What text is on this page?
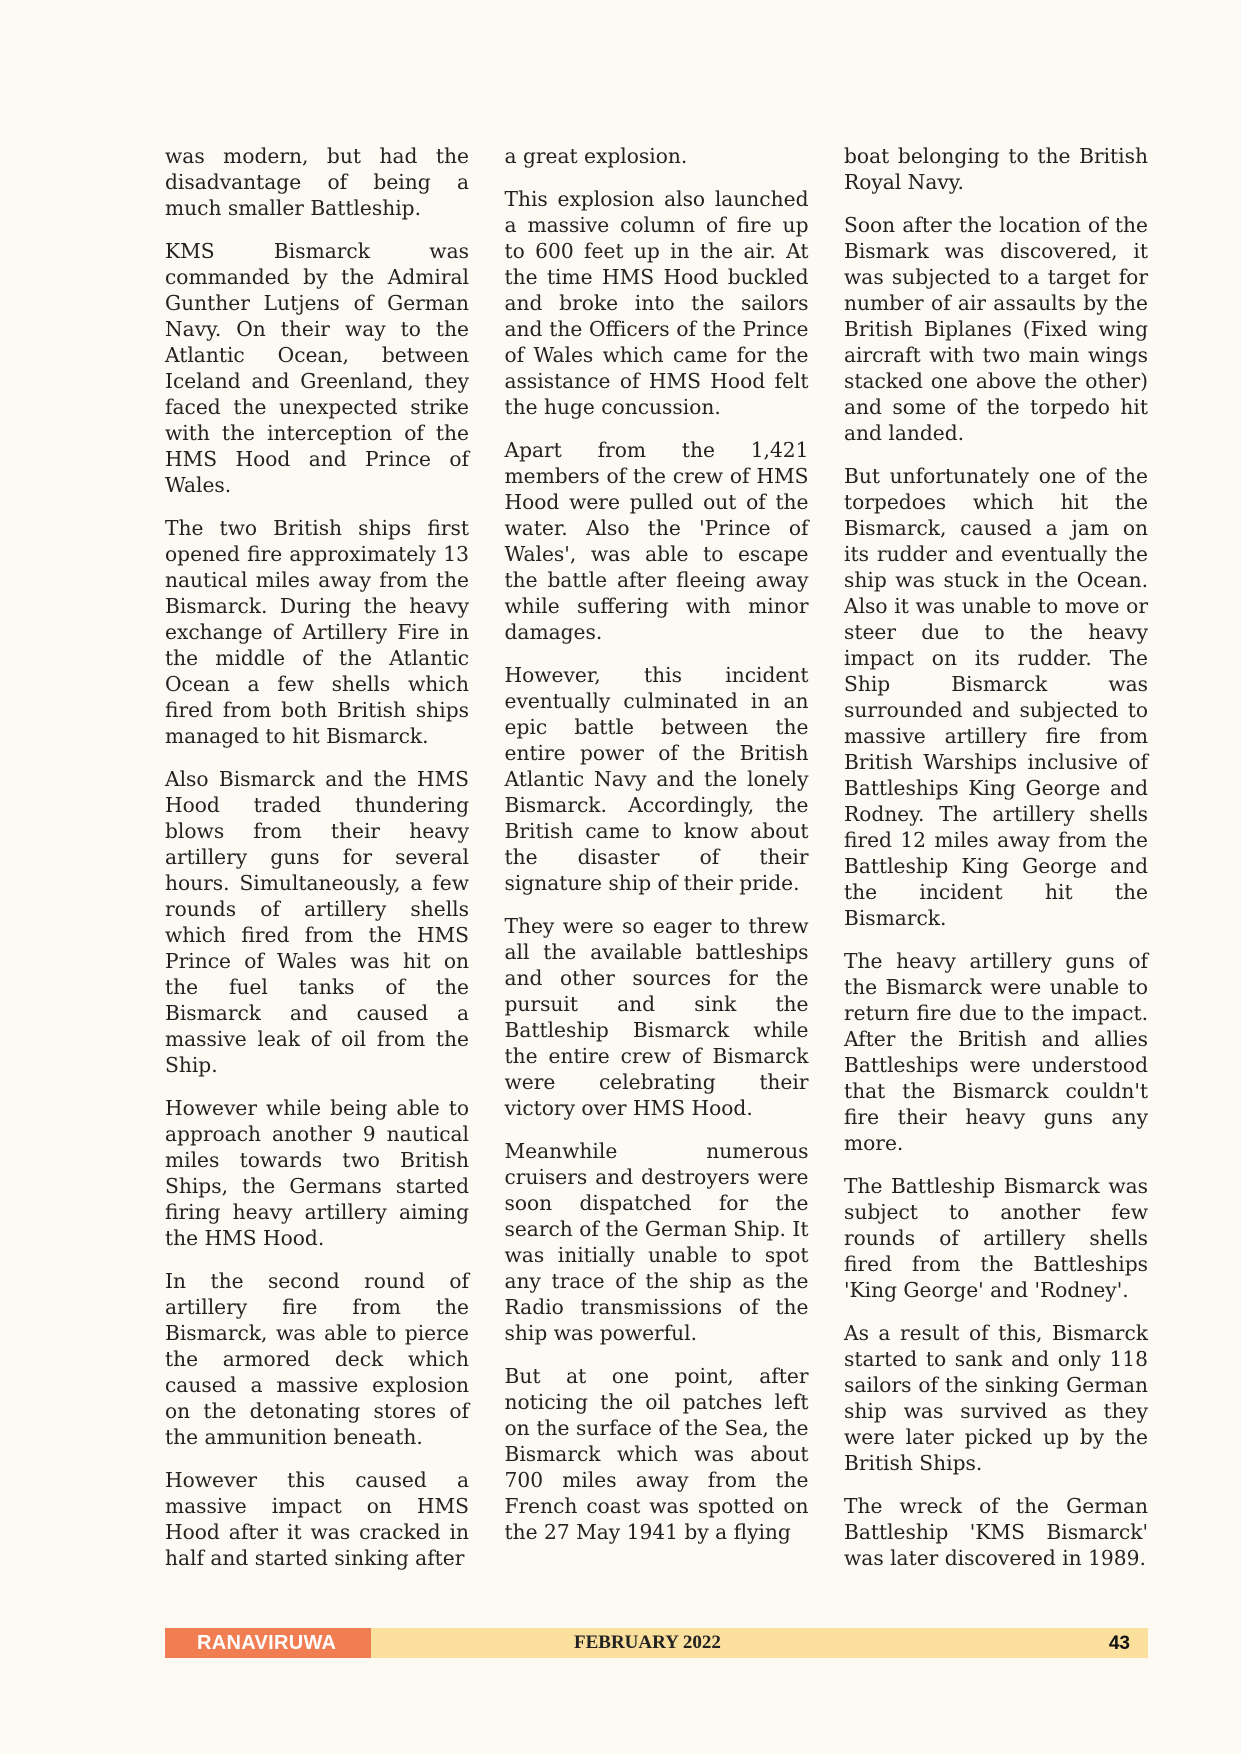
was modern, but had the disadvantage of being a much smaller Battleship.

KMS Bismarck was commanded by the Admiral Gunther Lutjens of German Navy. On their way to the Atlantic Ocean, between Iceland and Greenland, they faced the unexpected strike with the interception of the HMS Hood and Prince of Wales.

The two British ships first opened fire approximately 13 nautical miles away from the Bismarck. During the heavy exchange of Artillery Fire in the middle of the Atlantic Ocean a few shells which fired from both British ships managed to hit Bismarck.

Also Bismarck and the HMS Hood traded thundering blows from their heavy artillery guns for several hours. Simultaneously, a few rounds of artillery shells which fired from the HMS Prince of Wales was hit on the fuel tanks of the Bismarck and caused a massive leak of oil from the Ship.

However while being able to approach another 9 nautical miles towards two British Ships, the Germans started firing heavy artillery aiming the HMS Hood.

In the second round of artillery fire from the Bismarck, was able to pierce the armored deck which caused a massive explosion on the detonating stores of the ammunition beneath.

However this caused a massive impact on HMS Hood after it was cracked in half and started sinking after

a great explosion.

This explosion also launched a massive column of fire up to 600 feet up in the air. At the time HMS Hood buckled and broke into the sailors and the Officers of the Prince of Wales which came for the assistance of HMS Hood felt the huge concussion.

Apart from the 1,421 members of the crew of HMS Hood were pulled out of the water. Also the 'Prince of Wales', was able to escape the battle after fleeing away while suffering with minor damages.

However, this incident eventually culminated in an epic battle between the entire power of the British Atlantic Navy and the lonely Bismarck. Accordingly, the British came to know about the disaster of their signature ship of their pride.

They were so eager to threw all the available battleships and other sources for the pursuit and sink the Battleship Bismarck while the entire crew of Bismarck were celebrating their victory over HMS Hood.

Meanwhile numerous cruisers and destroyers were soon dispatched for the search of the German Ship. It was initially unable to spot any trace of the ship as the Radio transmissions of the ship was powerful.

But at one point, after noticing the oil patches left on the surface of the Sea, the Bismarck which was about 700 miles away from the French coast was spotted on the 27 May 1941 by a flying

boat belonging to the British Royal Navy.

Soon after the location of the Bismark was discovered, it was subjected to a target for number of air assaults by the British Biplanes (Fixed wing aircraft with two main wings stacked one above the other) and some of the torpedo hit and landed.

But unfortunately one of the torpedoes which hit the Bismarck, caused a jam on its rudder and eventually the ship was stuck in the Ocean. Also it was unable to move or steer due to the heavy impact on its rudder. The Ship Bismarck was surrounded and subjected to massive artillery fire from British Warships inclusive of Battleships King George and Rodney. The artillery shells fired 12 miles away from the Battleship King George and the incident hit the Bismarck.

The heavy artillery guns of the Bismarck were unable to return fire due to the impact. After the British and allies Battleships were understood that the Bismarck couldn't fire their heavy guns any more.

The Battleship Bismarck was subject to another few rounds of artillery shells fired from the Battleships 'King George' and 'Rodney'.

As a result of this, Bismarck started to sank and only 118 sailors of the sinking German ship was survived as they were later picked up by the British Ships.

The wreck of the German Battleship 'KMS Bismarck' was later discovered in 1989.

RANAVIRUWA	FEBRUARY 2022	43
